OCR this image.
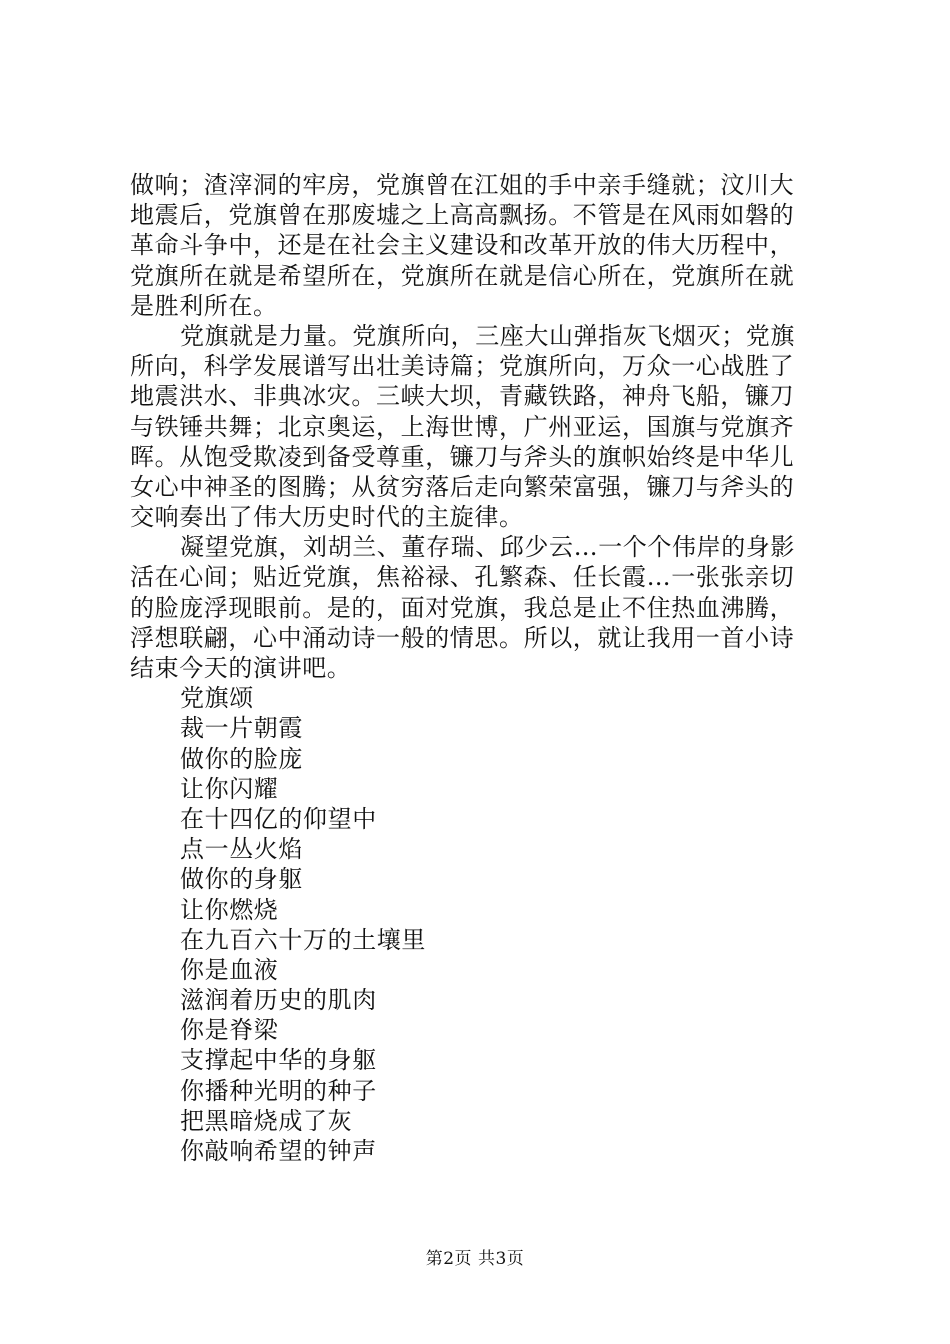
做响；渣滓洞的牢房，党旗曾在江姐的手中亲手缝就；汶川大
地震后，党旗曾在那废墟之上高高飘扬。不管是在风雨如磐的
革命斗争中，还是在社会主义建设和改革开放的伟大历程中，
党旗所在就是希望所在，党旗所在就是信心所在，党旗所在就
是胜利所在。
党旗就是力量。党旗所向，三座大山弹指灰飞烟灭；党旗
所向，科学发展谱写出壮美诗篇；党旗所向，万众一心战胜了
地震洪水、非典冰灾。三峡大坝，青藏铁路，神舟飞船，镰刀
与铁锤共舞；北京奥运，上海世博，广州亚运，国旗与党旗齐
晖。从饱受欺凌到备受尊重，镰刀与斧头的旗帜始终是中华儿
女心中神圣的图腾；从贫穷落后走向繁荣富强，镰刀与斧头的
交响奏出了伟大历史时代的主旋律。
凝望党旗，刘胡兰、董存瑞、邱少云…一个个伟岸的身影
活在心间；贴近党旗，焦裕禄、孔繁森、任长霞…一张张亲切
的脸庞浮现眼前。是的，面对党旗，我总是止不住热血沸腾，
浮想联翩，心中涌动诗一般的情思。所以，就让我用一首小诗
结束今天的演讲吧。
党旗颂
裁一片朝霞
做你的脸庞
让你闪耀
在十四亿的仰望中
点一丛火焰
做你的身躯
让你燃烧
在九百六十万的土壤里
你是血液
滋润着历史的肌肉
你是脊梁
支撑起中华的身躯
你播种光明的种子
把黑暗烧成了灰
你敲响希望的钟声
第2页 共3页
